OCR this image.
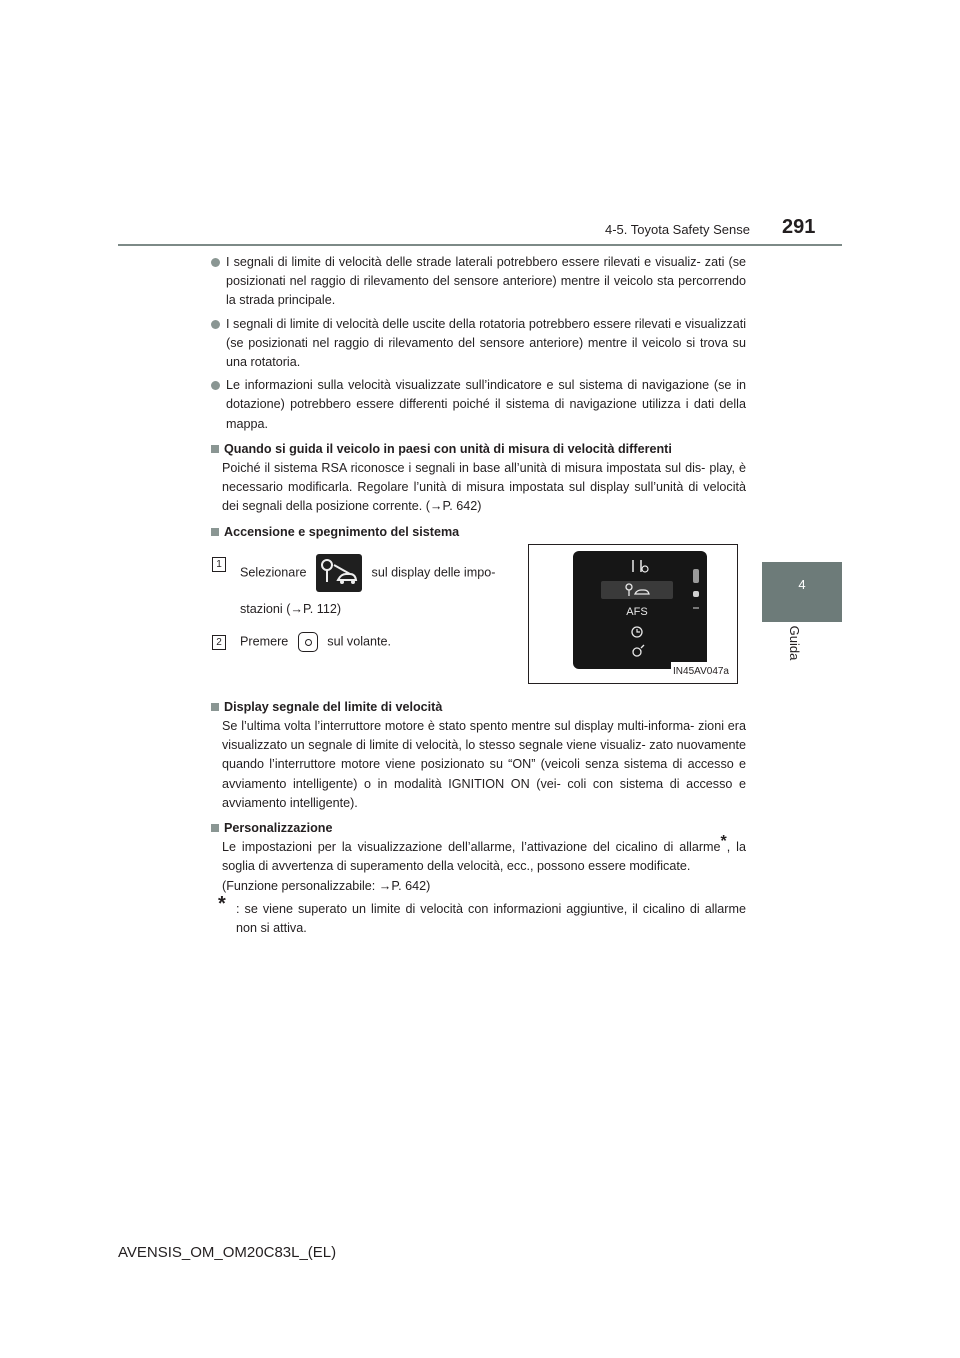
4-5. Toyota Safety Sense 291
4
Guida
I segnali di limite di velocità delle strade laterali potrebbero essere rilevati e visualiz- zati (se posizionati nel raggio di rilevamento del sensore anteriore) mentre il veicolo sta percorrendo la strada principale.
I segnali di limite di velocità delle uscite della rotatoria potrebbero essere rilevati e visualizzati (se posizionati nel raggio di rilevamento del sensore anteriore) mentre il veicolo si trova su una rotatoria.
Le informazioni sulla velocità visualizzate sull’indicatore e sul sistema di navigazione (se in dotazione) potrebbero essere differenti poiché il sistema di navigazione utilizza i dati della mappa.
Quando si guida il veicolo in paesi con unità di misura di velocità differenti
Poiché il sistema RSA riconosce i segnali in base all’unità di misura impostata sul dis- play, è necessario modificarla. Regolare l’unità di misura impostata sul display sull’unità di velocità dei segnali della posizione corrente. (→P. 642)
Accensione e spegnimento del sistema
1
Selezionare	sul display delle impo-
stazioni (→P. 112)
2	Premere	sul volante.
AFS
IN45AV047a
Display segnale del limite di velocità
Se l’ultima volta l’interruttore motore è stato spento mentre sul display multi-informa- zioni era visualizzato un segnale di limite di velocità, lo stesso segnale viene visualiz- zato nuovamente quando l’interruttore motore viene posizionato su “ON” (veicoli senza sistema di accesso e avviamento intelligente) o in modalità IGNITION ON (vei- coli con sistema di accesso e avviamento intelligente).
Personalizzazione
Le impostazioni per la visualizzazione dell’allarme, l’attivazione del cicalino di allarme*, la soglia di avvertenza di superamento della velocità, ecc., possono essere modificate.
(Funzione personalizzabile: →P. 642)
* : se viene superato un limite di velocità con informazioni aggiuntive, il cicalino di allarme non si attiva.
AVENSIS_OM_OM20C83L_(EL)
